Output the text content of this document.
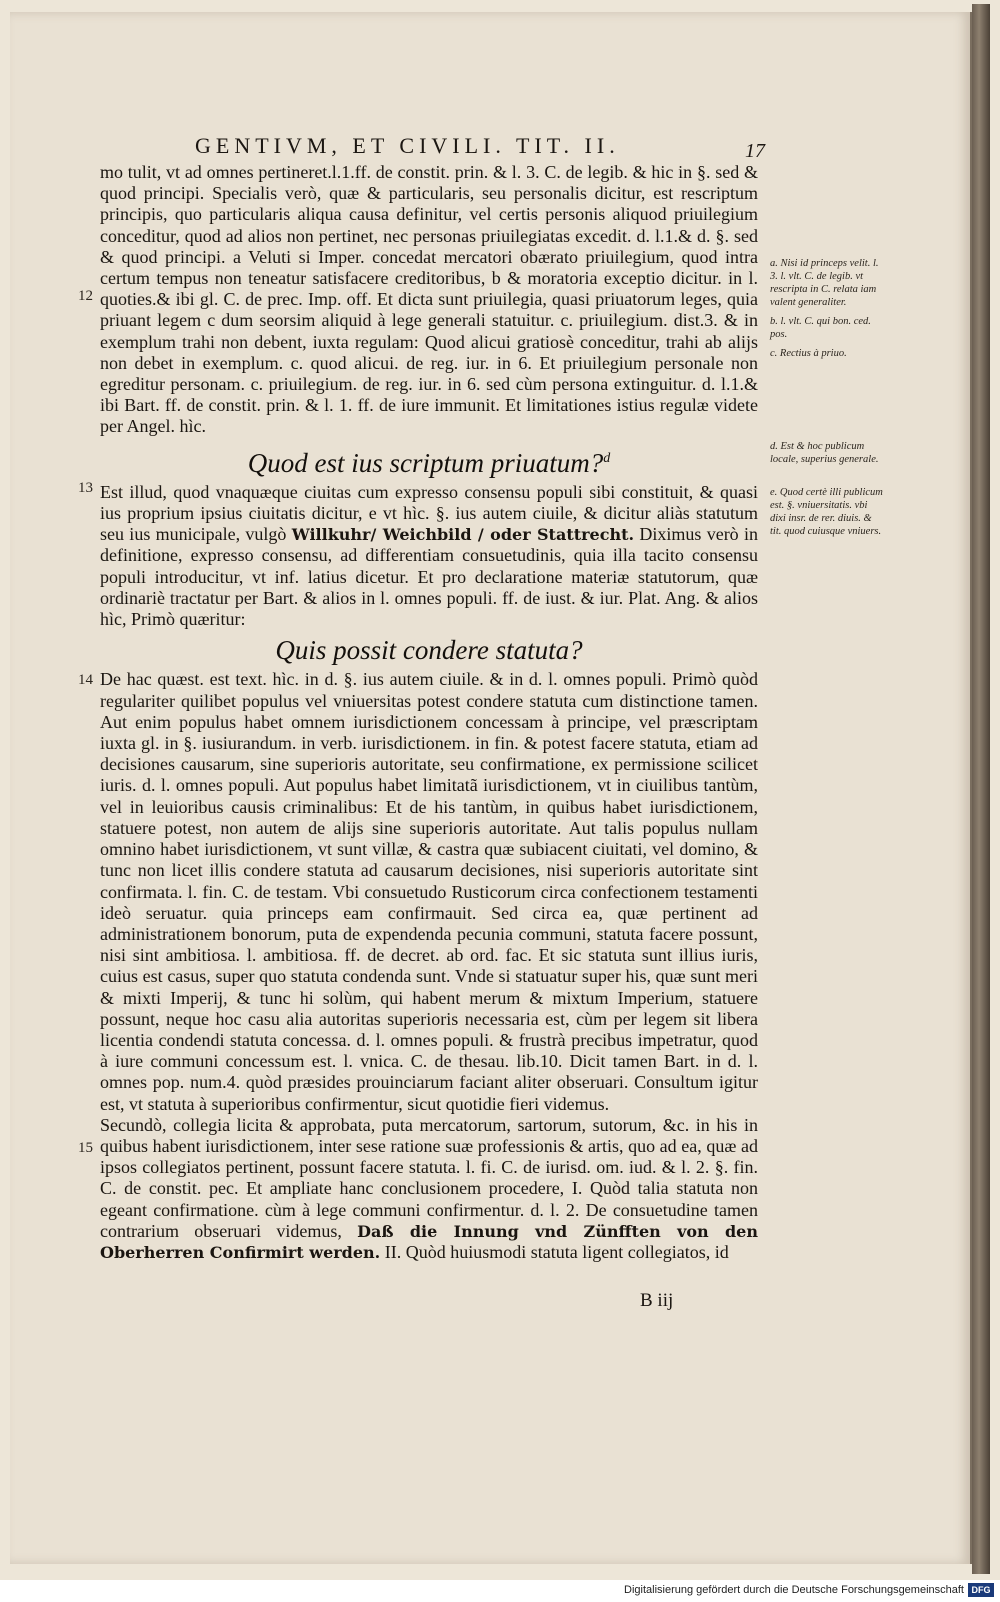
GENTIVM, ET CIVILI. TIT. II.	17
12
13
14
15

mo tulit, vt ad omnes pertineret.l.1.ff. de constit. prin. & l. 3. C. de legib. & hic in §. sed & quod principi. Specialis verò, quæ & particularis, seu personalis dicitur, est rescriptum principis, quo particularis aliqua causa definitur, vel certis personis aliquod priuilegium conceditur, quod ad alios non pertinet, nec personas priuilegiatas excedit. d. l.1.& d. §. sed & quod principi. a Veluti si Imper. concedat mercatori obærato priuilegium, quod intra certum tempus non teneatur satisfacere creditoribus, b & moratoria exceptio dicitur. in l. quoties.& ibi gl. C. de prec. Imp. off. Et dicta sunt priuilegia, quasi priuatorum leges, quia priuant legem c dum seorsim aliquid à lege generali statuitur. c. priuilegium. dist.3. & in exemplum trahi non debent, iuxta regulam: Quod alicui gratiosè conceditur, trahi ab alijs non debet in exemplum. c. quod alicui. de reg. iur. in 6. Et priuilegium personale non egreditur personam. c. priuilegium. de reg. iur. in 6. sed cùm persona extinguitur. d. l.1.& ibi Bart. ff. de constit. prin. & l. 1. ff. de iure immunit. Et limitationes istius regulæ videte per Angel. hìc.

Quod est ius scriptum priuatum?$^d$

Est illud, quod vnaquæque ciuitas cum expresso consensu populi sibi constituit, & quasi ius proprium ipsius ciuitatis dicitur, e vt hìc. §. ius autem ciuile, & dicitur aliàs statutum seu ius municipale, vulgò Willkuhr/ Weichbild / oder Stattrecht. Diximus verò in definitione, expresso consensu, ad differentiam consuetudinis, quia illa tacito consensu populi introducitur, vt inf. latius dicetur. Et pro declaratione materiæ statutorum, quæ ordinariè tractatur per Bart. & alios in l. omnes populi. ff. de iust. & iur. Plat. Ang. & alios hìc, Primò quæritur:

Quis possit condere statuta?

De hac quæst. est text. hìc. in d. §. ius autem ciuile. & in d. l. omnes populi. Primò quòd regulariter quilibet populus vel vniuersitas potest condere statuta cum distinctione tamen. Aut enim populus habet omnem iurisdictionem concessam à principe, vel præscriptam iuxta gl. in §. iusiurandum. in verb. iurisdictionem. in fin. & potest facere statuta, etiam ad decisiones causarum, sine superioris autoritate, seu confirmatione, ex permissione scilicet iuris. d. l. omnes populi. Aut populus habet limitatã iurisdictionem, vt in ciuilibus tantùm, vel in leuioribus causis criminalibus: Et de his tantùm, in quibus habet iurisdictionem, statuere potest, non autem de alijs sine superioris autoritate. Aut talis populus nullam omnino habet iurisdictionem, vt sunt villæ, & castra quæ subiacent ciuitati, vel domino, & tunc non licet illis condere statuta ad causarum decisiones, nisi superioris autoritate sint confirmata. l. fin. C. de testam. Vbi consuetudo Rusticorum circa confectionem testamenti ideò seruatur. quia princeps eam confirmauit. Sed circa ea, quæ pertinent ad administrationem bonorum, puta de expendenda pecunia communi, statuta facere possunt, nisi sint ambitiosa. l. ambitiosa. ff. de decret. ab ord. fac. Et sic statuta sunt illius iuris, cuius est casus, super quo statuta condenda sunt. Vnde si statuatur super his, quæ sunt meri & mixti Imperij, & tunc hi solùm, qui habent merum & mixtum Imperium, statuere possunt, neque hoc casu alia autoritas superioris necessaria est, cùm per legem sit libera licentia condendi statuta concessa. d. l. omnes populi. & frustrà precibus impetratur, quod à iure communi concessum est. l. vnica. C. de thesau. lib.10. Dicit tamen Bart. in d. l. omnes pop. num.4. quòd præsides prouinciarum faciant aliter obseruari. Consultum igitur est, vt statuta à superioribus confirmentur, sicut quotidie fieri videmus.

Secundò, collegia licita & approbata, puta mercatorum, sartorum, sutorum, &c. in his in quibus habent iurisdictionem, inter sese ratione suæ professionis & artis, quo ad ea, quæ ad ipsos collegiatos pertinent, possunt facere statuta. l. fi. C. de iurisd. om. iud. & l. 2. §. fin. C. de constit. pec. Et ampliate hanc conclusionem procedere, I. Quòd talia statuta non egeant confirmatione. cùm à lege communi confirmentur. d. l. 2. De consuetudine tamen contrarium obseruari videmus, Daß die Innung vnd Zünfften von den Oberherren Confirmirt werden. II. Quòd huiusmodi statuta ligent collegiatos, id

a. Nisi id princeps velit. l. 3. l. vlt. C. de legib. vt rescripta in C. relata iam valent generaliter.
b. l. vlt. C. qui bon. ced. pos.
c. Rectius à priuo.
d. Est & hoc publicum locale, superius generale.
e. Quod certè illi publicum est. §. vniuersitatis. vbi dixi insr. de rer. diuis. & tit. quod cuiusque vniuers.
B iij
Digitalisierung gefördert durch die Deutsche Forschungsgemeinschaft DFG
